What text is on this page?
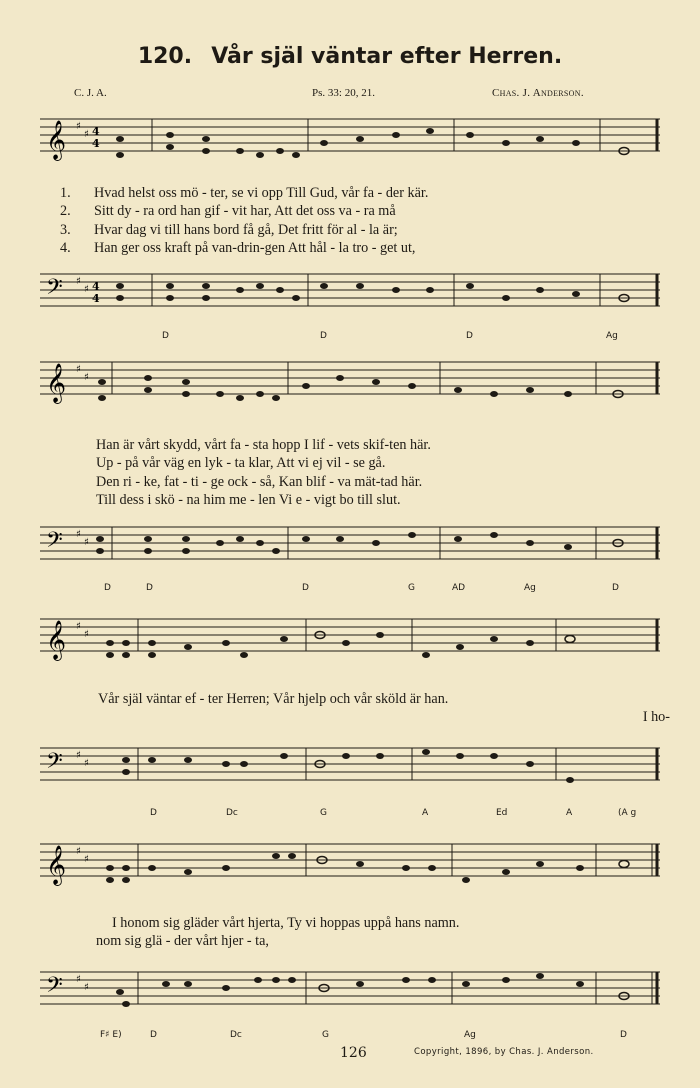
120. Vår själ väntar efter Herren.
C. J. A.	Ps. 33: 20, 21.	Chas. J. Anderson.
𝄞 ♯
♯ 4
4
1.	Hvad helst oss mö - ter, se vi opp Till Gud, vår fa - der kär.
2.	Sitt dy - ra ord han gif - vit har, Att det oss va - ra må
3.	Hvar dag vi till hans bord få gå, Det fritt för al - la är;
4.	Han ger oss kraft på van-drin-gen Att hål - la tro - get ut,
𝄢 ♯
♯ 4
4
D	D	D	Ag
𝄞 ♯
♯
Han är vårt skydd, vårt fa - sta hopp I lif - vets skif-ten här.
Up - på vår väg en lyk - ta klar, Att vi ej vil - se gå.
Den ri - ke, fat - ti - ge ock - så, Kan blif - va mät-tad här.
Till dess i skö - na him me - len Vi e - vigt bo till slut.
𝄢 ♯
♯
D	D	D	G	AD	Ag	D
𝄞 ♯
♯
Vår själ väntar ef - ter Herren; Vår hjelp och vår sköld är han.
I ho-
𝄢 ♯
♯
D	Dc	G	A	Ed	A	(A g
𝄞 ♯
♯
I honom sig gläder vårt hjerta, Ty vi hoppas uppå hans namn.
nom sig glä - der vårt hjer - ta,
𝄢 ♯
♯
F♯ E)	D	Dc	G	Ag	D
126	Copyright, 1896, by Chas. J. Anderson.
